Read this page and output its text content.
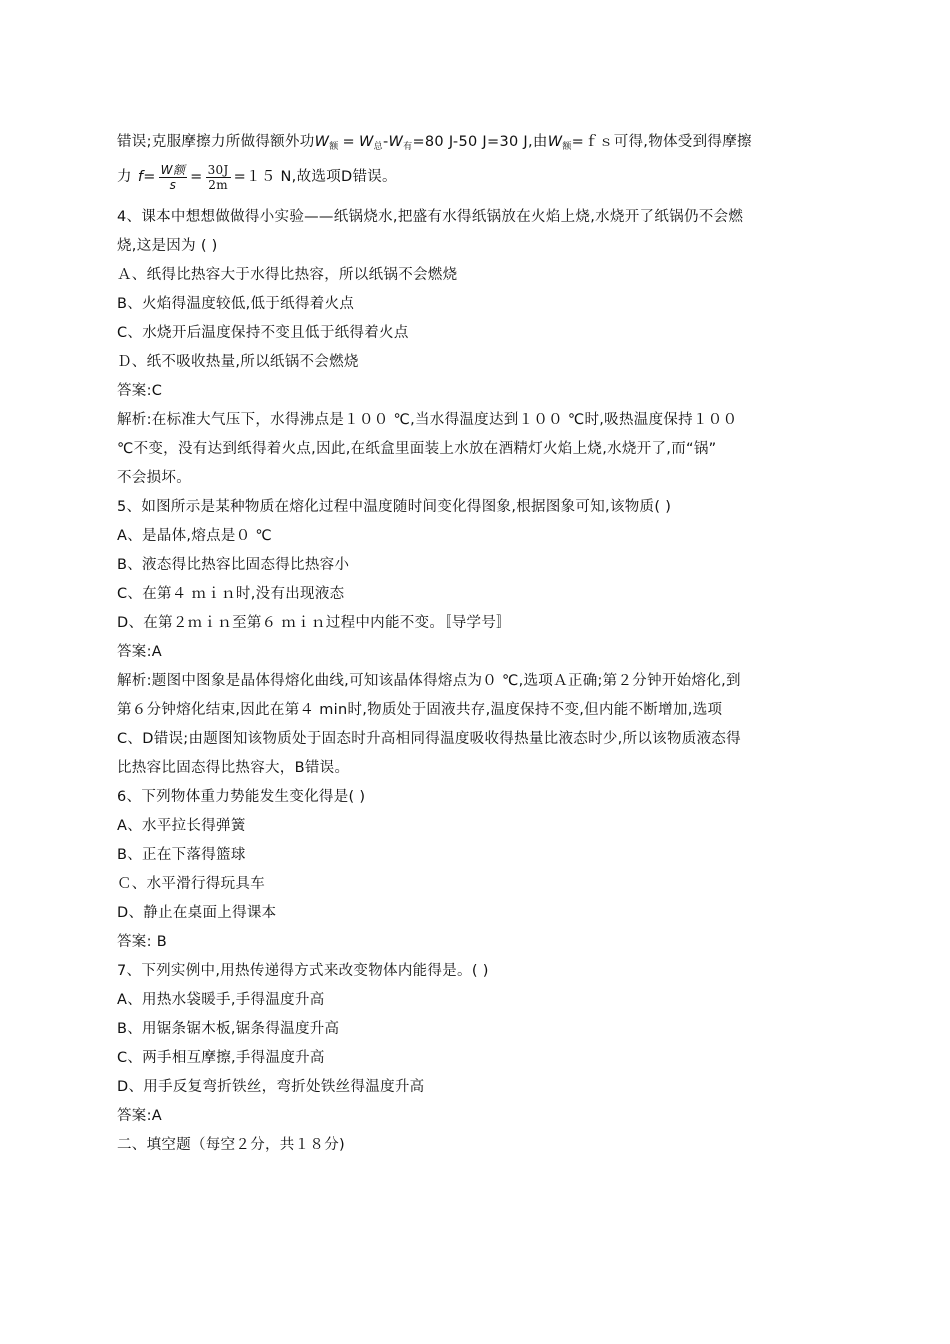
错误;克服摩擦力所做得额外功$W_额 = W_总-W_有=80$ J-50 J=30 J,由$W_额=fs$可得,物体受到得摩擦
力 $f = \frac{\text{W额}}{s} = \frac{30J}{2m} =15$ N,故选项D错误。
4、课本中想想做做得小实验——纸锅烧水,把盛有水得纸锅放在火焰上烧,水烧开了纸锅仍不会燃
烧,这是因为 ( )
Ａ、纸得比热容大于水得比热容，所以纸锅不会燃烧
B、火焰得温度较低,低于纸得着火点
C、水烧开后温度保持不变且低于纸得着火点
Ｄ、纸不吸收热量,所以纸锅不会燃烧
答案:C
解析:在标准大气压下，水得沸点是１００ ℃,当水得温度达到１００ ℃时,吸热温度保持１００
℃不变，没有达到纸得着火点,因此,在纸盒里面装上水放在酒精灯火焰上烧,水烧开了,而“锅”
不会损坏。
5、如图所示是某种物质在熔化过程中温度随时间变化得图象,根据图象可知,该物质( )
A、是晶体,熔点是０ ℃
B、液态得比热容比固态得比热容小
C、在第４ ｍｉｎ时,没有出现液态
D、在第２ｍｉｎ至第６ ｍｉｎ过程中内能不变。〚导学号〛
答案:A
解析:题图中图象是晶体得熔化曲线,可知该晶体得熔点为０ ℃,选项Ａ正确;第２分钟开始熔化,到
第６分钟熔化结束,因此在第４ min时,物质处于固液共存,温度保持不变,但内能不断增加,选项
C、D错误;由题图知该物质处于固态时升高相同得温度吸收得热量比液态时少,所以该物质液态得
比热容比固态得比热容大，B错误。
6、下列物体重力势能发生变化得是( )
A、水平拉长得弹簧
B、正在下落得篮球
Ｃ、水平滑行得玩具车
D、静止在桌面上得课本
答案: B
7、下列实例中,用热传递得方式来改变物体内能得是。( )
A、用热水袋暖手,手得温度升高
B、用锯条锯木板,锯条得温度升高
C、两手相互摩擦,手得温度升高
D、用手反复弯折铁丝，弯折处铁丝得温度升高
答案:A
二、填空题（每空２分，共１８分)
